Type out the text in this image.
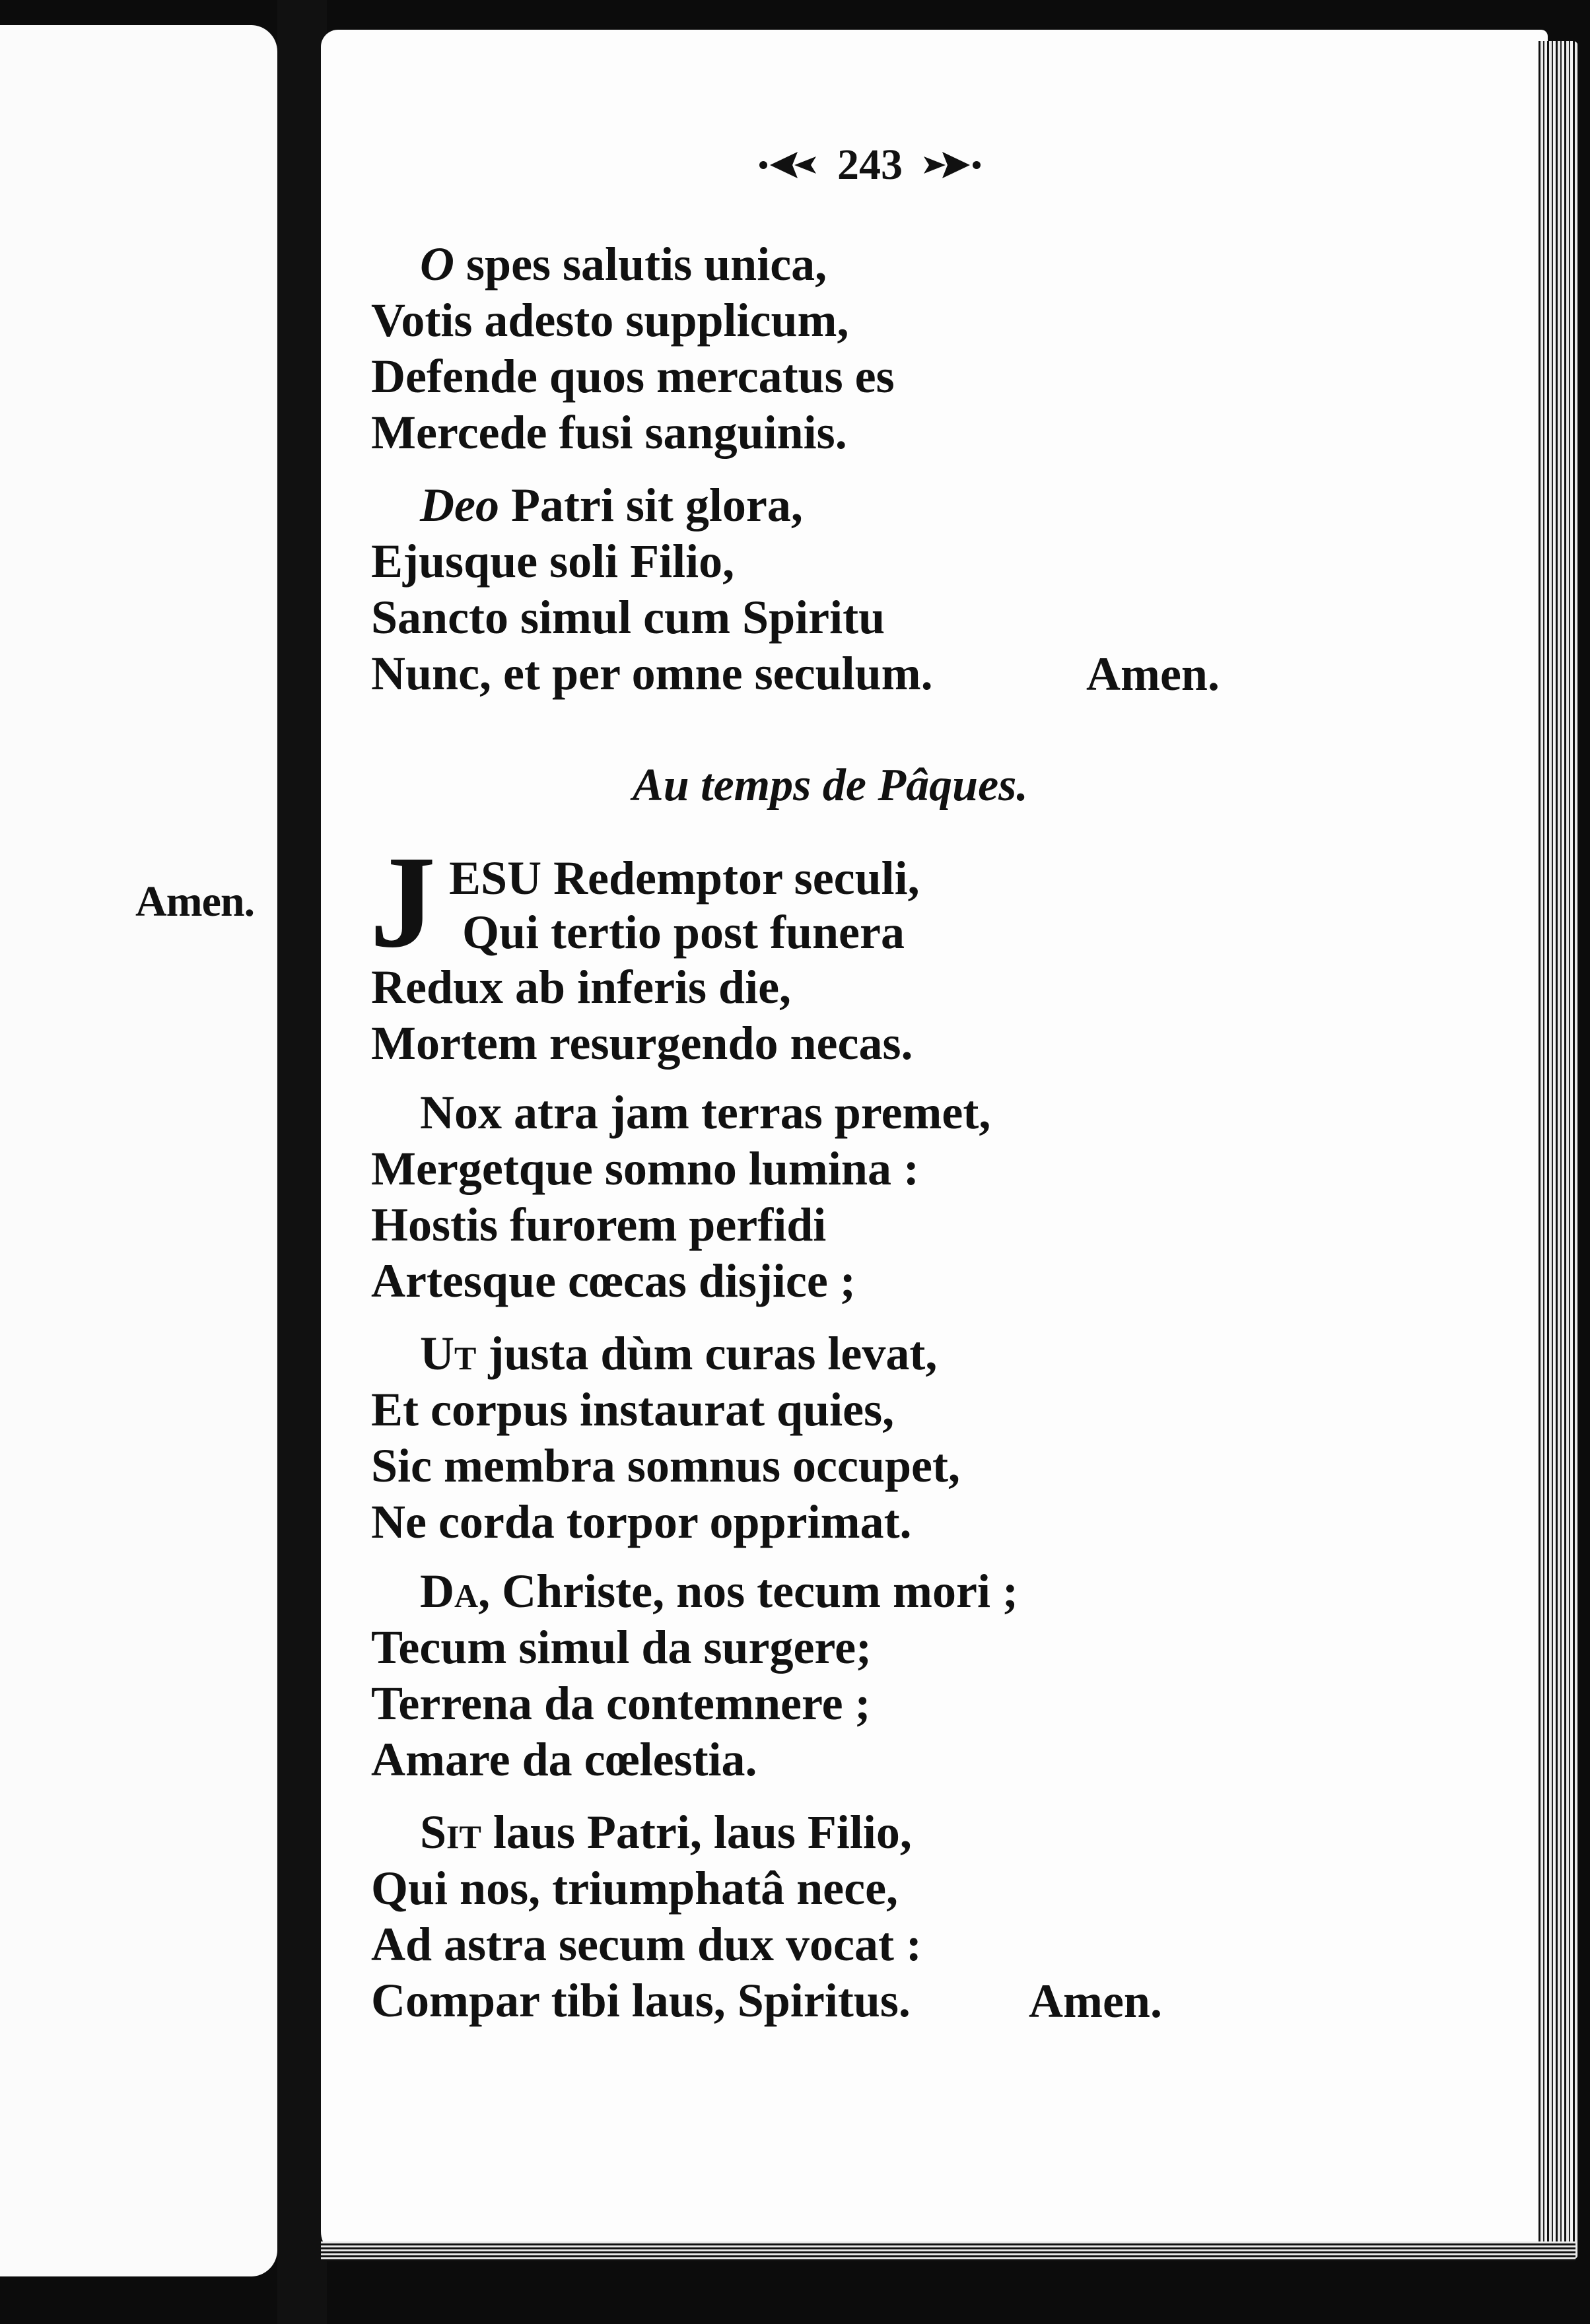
Amen.
243
O spes salutis unica,
Votis adesto supplicum,
Defende quos mercatus es
Mercede fusi sanguinis.
Deo Patri sit glora,
Ejusque soli Filio,
Sancto simul cum Spiritu
Nunc, et per omne seculum.	Amen.
Au temps de Pâques.
J ESU Redemptor seculi,
Qui tertio post funera
Redux ab inferis die,
Mortem resurgendo necas.
Nox atra jam terras premet,
Mergetque somno lumina :
Hostis furorem perfidi
Artesque cœcas disjice ;
Ut justa dùm curas levat,
Et corpus instaurat quies,
Sic membra somnus occupet,
Ne corda torpor opprimat.
Da, Christe, nos tecum mori ;
Tecum simul da surgere;
Terrena da contemnere ;
Amare da cœlestia.
Sit laus Patri, laus Filio,
Qui nos, triumphatâ nece,
Ad astra secum dux vocat :
Compar tibi laus, Spiritus. Amen.
